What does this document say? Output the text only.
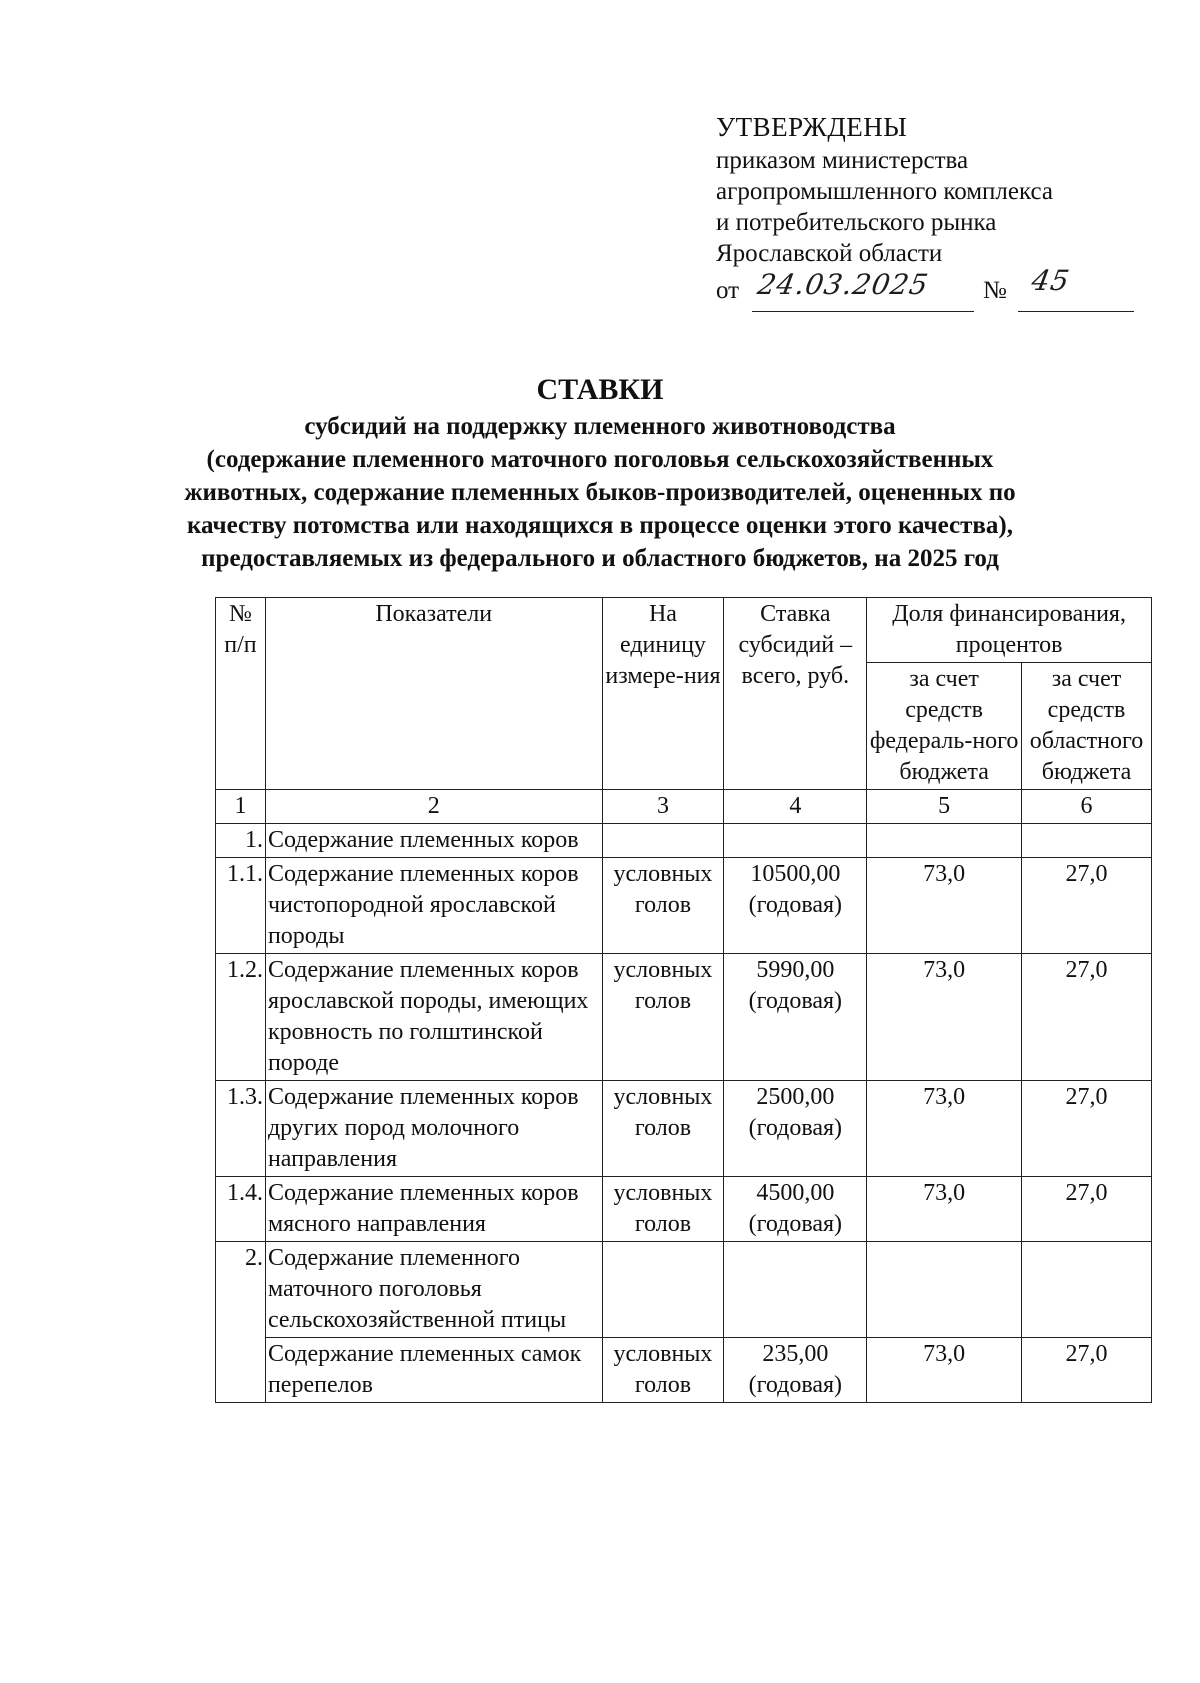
УТВЕРЖДЕНЫ
приказом министерства
агропромышленного комплекса
и потребительского рынка
Ярославской области
от 24.03.2025 № 45
СТАВКИ
субсидий на поддержку племенного животноводства
(содержание племенного маточного поголовья сельскохозяйственных
животных, содержание племенных быков-производителей, оцененных по
качеству потомства или находящихся в процессе оценки этого качества),
предоставляемых из федерального и областного бюджетов, на 2025 год
№ п/п	Показатели	На единицу измере-ния	Ставка субсидий – всего, руб.	Доля финансирования, процентов	
				за счет средств федераль-ного бюджета	за счет средств областного бюджета
1	2	3	4	5	6
1.	Содержание племенных коров				
1.1.	Содержание племенных коров чистопородной ярославской породы	условных голов	10500,00 (годовая)	73,0	27,0
1.2.	Содержание племенных коров ярославской породы, имеющих кровность по голштинской породе	условных голов	5990,00 (годовая)	73,0	27,0
1.3.	Содержание племенных коров других пород молочного направления	условных голов	2500,00 (годовая)	73,0	27,0
1.4.	Содержание племенных коров мясного направления	условных голов	4500,00 (годовая)	73,0	27,0
2.	Содержание племенного маточного поголовья сельскохозяйственной птицы				
	Содержание племенных самок перепелов	условных голов	235,00 (годовая)	73,0	27,0
